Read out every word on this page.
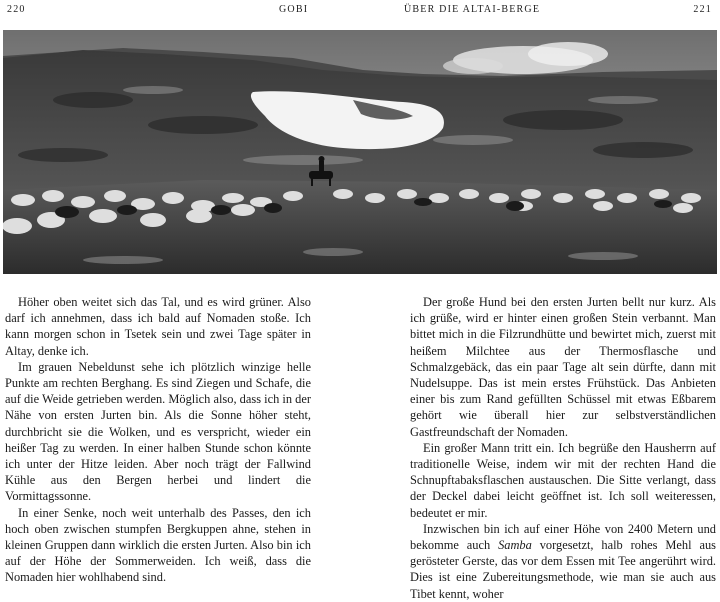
220	GOBI	ÜBER DIE ALTAI-BERGE	221

Höher oben weitet sich das Tal, und es wird grüner. Also darf ich annehmen, dass ich bald auf Nomaden stoße. Ich kann morgen schon in Tsetek sein und zwei Tage später in Altay, denke ich.

Im grauen Nebeldunst sehe ich plötzlich winzige helle Punkte am rechten Berghang. Es sind Ziegen und Schafe, die auf die Weide getrieben werden. Möglich also, dass ich in der Nähe von ersten Jurten bin. Als die Sonne höher steht, durchbricht sie die Wolken, und es verspricht, wieder ein heißer Tag zu werden. In einer halben Stunde schon könnte ich unter der Hitze leiden. Aber noch trägt der Fallwind Kühle aus den Bergen herbei und lindert die Vormittagssonne.

In einer Senke, noch weit unterhalb des Passes, den ich hoch oben zwischen stumpfen Bergkuppen ahne, stehen in kleinen Gruppen dann wirklich die ersten Jurten. Also bin ich auf der Höhe der Sommerweiden. Ich weiß, dass die Nomaden hier wohlhabend sind.

Der große Hund bei den ersten Jurten bellt nur kurz. Als ich grüße, wird er hinter einen großen Stein verbannt. Man bittet mich in die Filzrundhütte und bewirtet mich, zuerst mit heißem Milchtee aus der Thermosflasche und Schmalzgebäck, das ein paar Tage alt sein dürfte, dann mit Nudelsuppe. Das ist mein erstes Frühstück. Das Anbieten einer bis zum Rand gefüllten Schüssel mit etwas Eßbarem gehört wie überall hier zur selbstverständlichen Gastfreundschaft der Nomaden.

Ein großer Mann tritt ein. Ich begrüße den Hausherrn auf traditionelle Weise, indem wir mit der rechten Hand die Schnupftabaksflaschen austauschen. Die Sitte verlangt, dass der Deckel dabei leicht geöffnet ist. Ich soll weiteressen, bedeutet er mir.

Inzwischen bin ich auf einer Höhe von 2400 Metern und bekomme auch Samba vorgesetzt, halb rohes Mehl aus gerösteter Gerste, das vor dem Essen mit Tee angerührt wird. Dies ist eine Zubereitungsmethode, wie man sie auch aus Tibet kennt, woher
